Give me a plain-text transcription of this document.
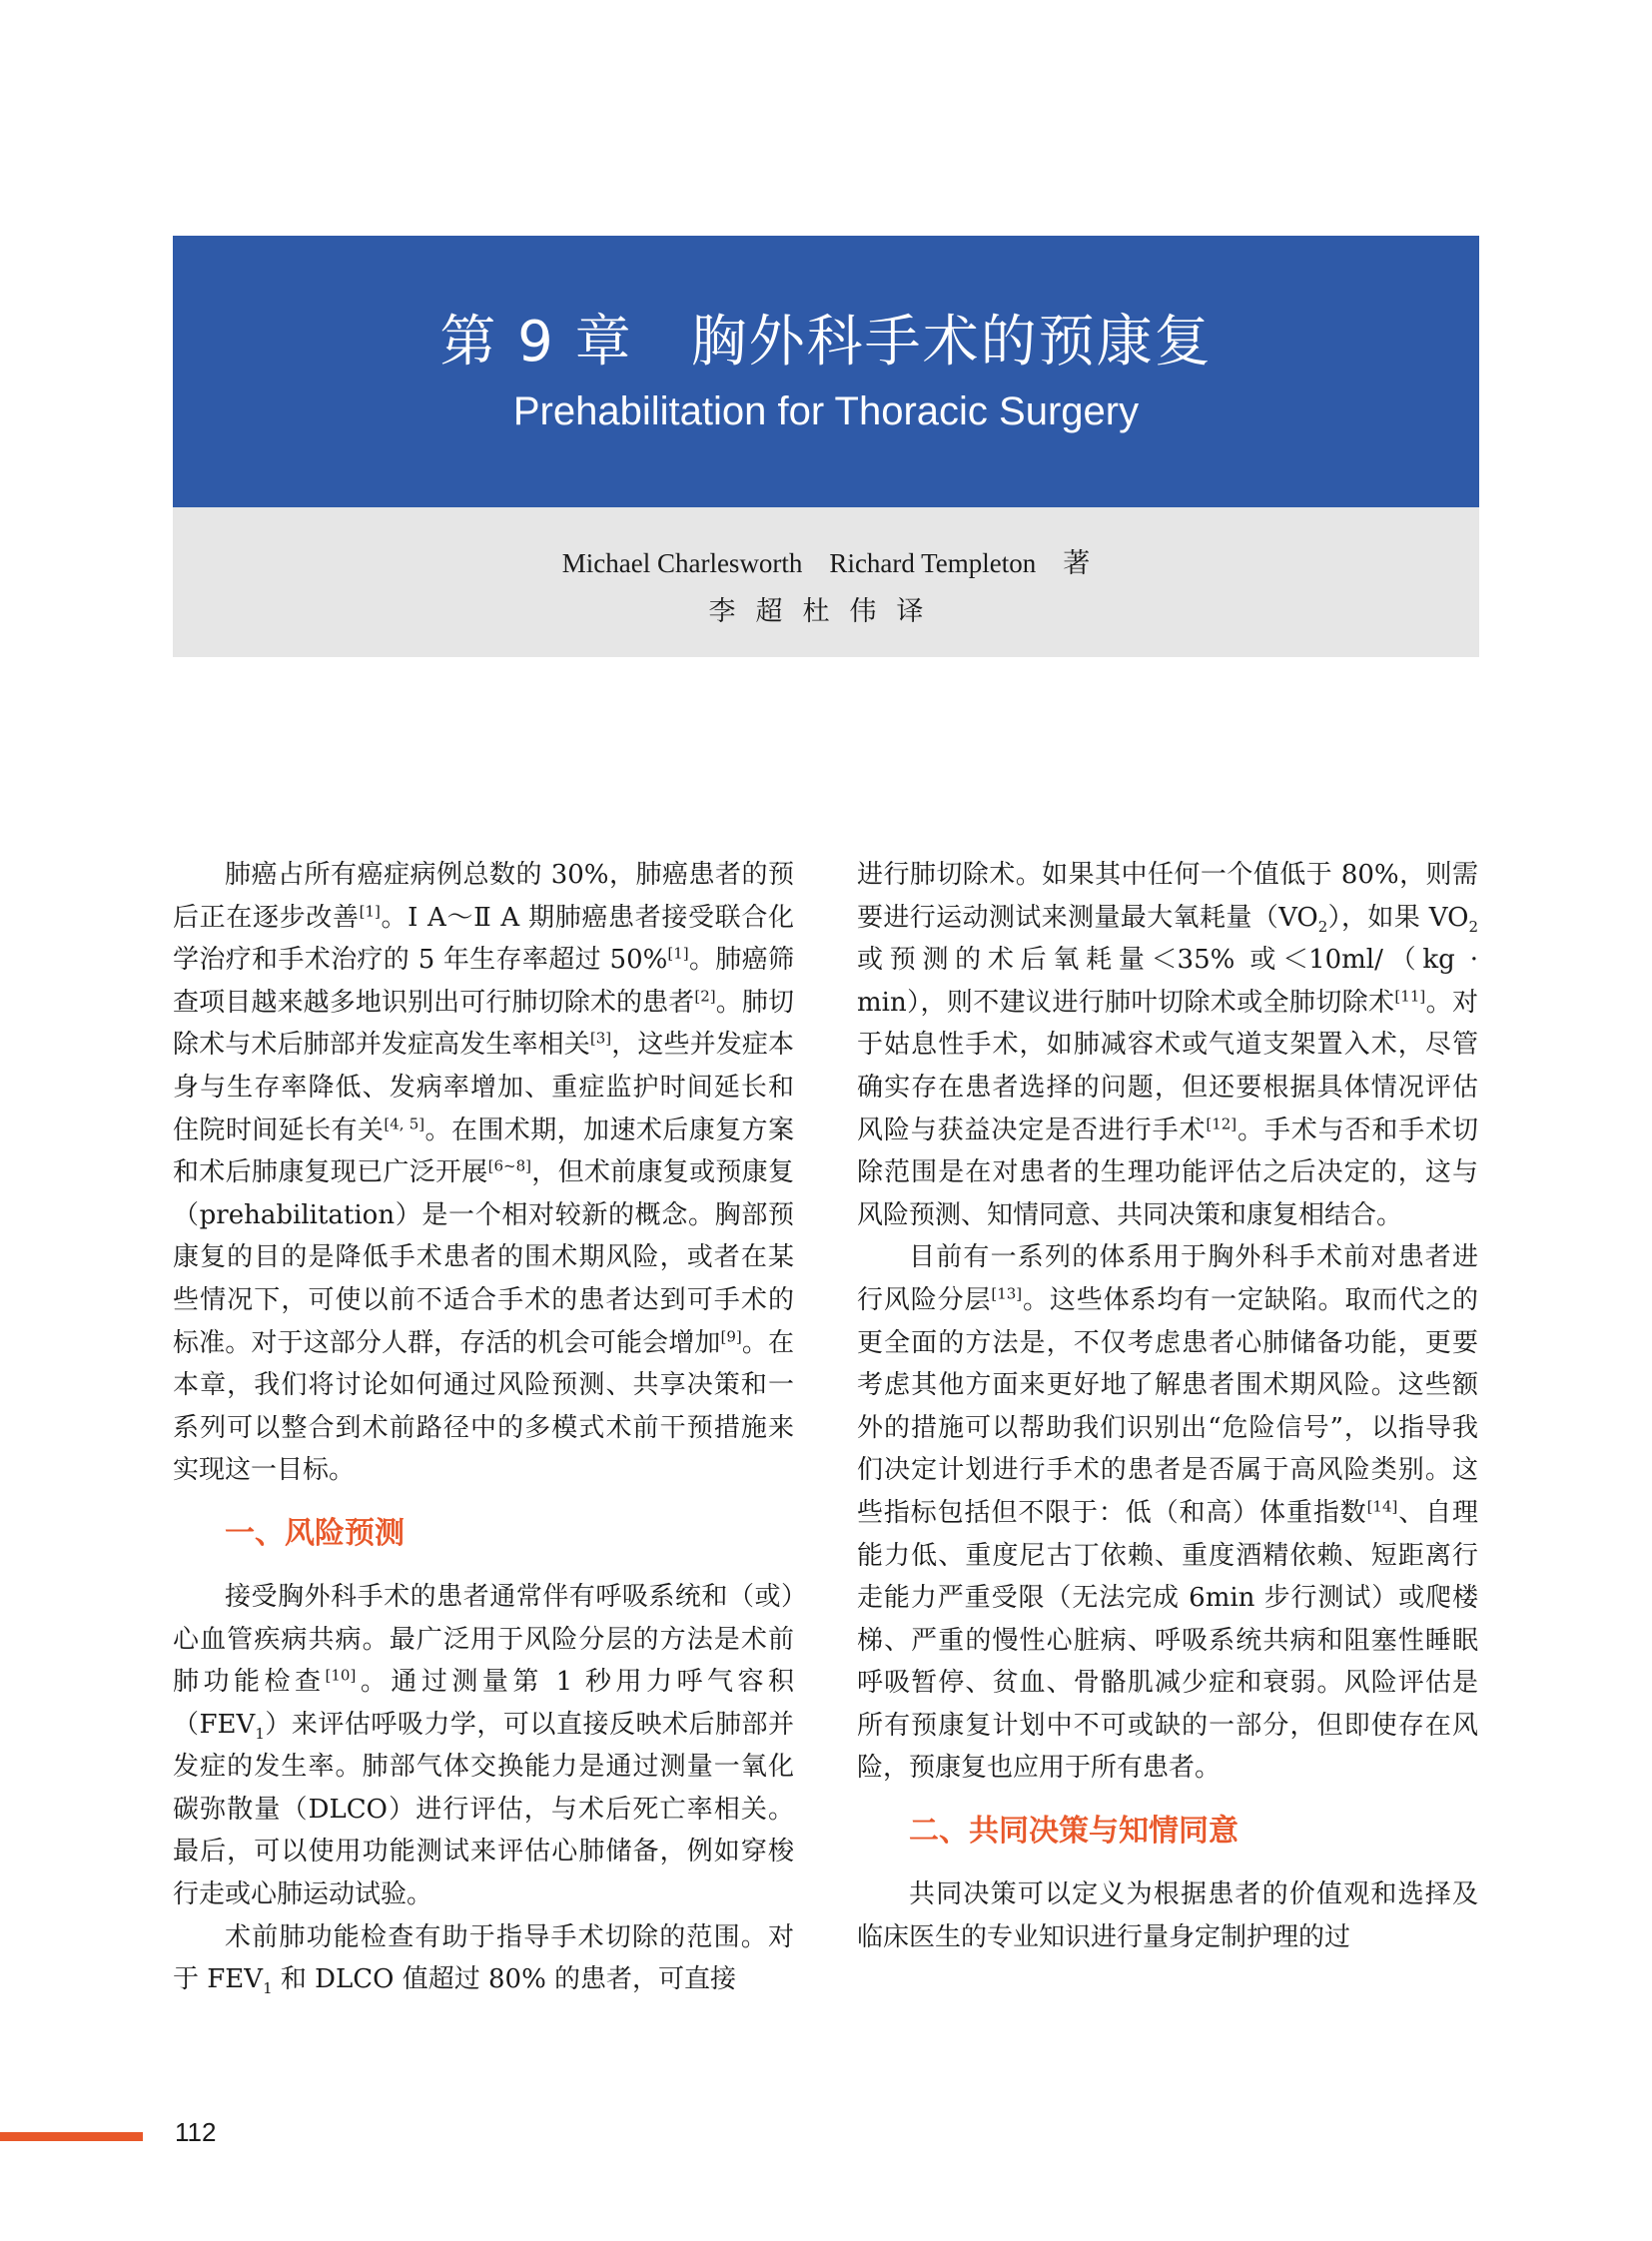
第 9 章　胸外科手术的预康复
Prehabilitation for Thoracic Surgery
Michael Charlesworth　Richard Templeton　著
李超杜伟译

肺癌占所有癌症病例总数的 30%，肺癌患者的预后正在逐步改善[1]。Ⅰ A～Ⅱ A 期肺癌患者接受联合化学治疗和手术治疗的 5 年生存率超过 50%[1]。肺癌筛查项目越来越多地识别出可行肺切除术的患者[2]。肺切除术与术后肺部并发症高发生率相关[3]，这些并发症本身与生存率降低、发病率增加、重症监护时间延长和住院时间延长有关[4, 5]。在围术期，加速术后康复方案和术后肺康复现已广泛开展[6~8]，但术前康复或预康复（prehabilitation）是一个相对较新的概念。胸部预康复的目的是降低手术患者的围术期风险，或者在某些情况下，可使以前不适合手术的患者达到可手术的标准。对于这部分人群，存活的机会可能会增加[9]。在本章，我们将讨论如何通过风险预测、共享决策和一系列可以整合到术前路径中的多模式术前干预措施来实现这一目标。

一、风险预测

接受胸外科手术的患者通常伴有呼吸系统和（或）心血管疾病共病。最广泛用于风险分层的方法是术前肺功能检查[10]。通过测量第 1 秒用力呼气容积$(FEV_1)$来评估呼吸力学，可以直接反映术后肺部并发症的发生率。肺部气体交换能力是通过测量一氧化碳弥散量（DLCO）进行评估，与术后死亡率相关。最后，可以使用功能测试来评估心肺储备，例如穿梭行走或心肺运动试验。

术前肺功能检查有助于指导手术切除的范围。对于 $FEV_1$ 和 DLCO 值超过 80% 的患者，可直接

进行肺切除术。如果其中任何一个值低于 80%，则需要进行运动测试来测量最大氧耗量$(VO_2)$，如果 $VO_2$ 或预测的术后氧耗量＜35% 或＜10ml/（kg · min），则不建议进行肺叶切除术或全肺切除术[11]。对于姑息性手术，如肺减容术或气道支架置入术，尽管确实存在患者选择的问题，但还要根据具体情况评估风险与获益决定是否进行手术[12]。手术与否和手术切除范围是在对患者的生理功能评估之后决定的，这与风险预测、知情同意、共同决策和康复相结合。

目前有一系列的体系用于胸外科手术前对患者进行风险分层[13]。这些体系均有一定缺陷。取而代之的更全面的方法是，不仅考虑患者心肺储备功能，更要考虑其他方面来更好地了解患者围术期风险。这些额外的措施可以帮助我们识别出“危险信号”，以指导我们决定计划进行手术的患者是否属于高风险类别。这些指标包括但不限于：低（和高）体重指数[14]、自理能力低、重度尼古丁依赖、重度酒精依赖、短距离行走能力严重受限（无法完成 6min 步行测试）或爬楼梯、严重的慢性心脏病、呼吸系统共病和阻塞性睡眠呼吸暂停、贫血、骨骼肌减少症和衰弱。风险评估是所有预康复计划中不可或缺的一部分，但即使存在风险，预康复也应用于所有患者。

二、共同决策与知情同意

共同决策可以定义为根据患者的价值观和选择及临床医生的专业知识进行量身定制护理的过

112
